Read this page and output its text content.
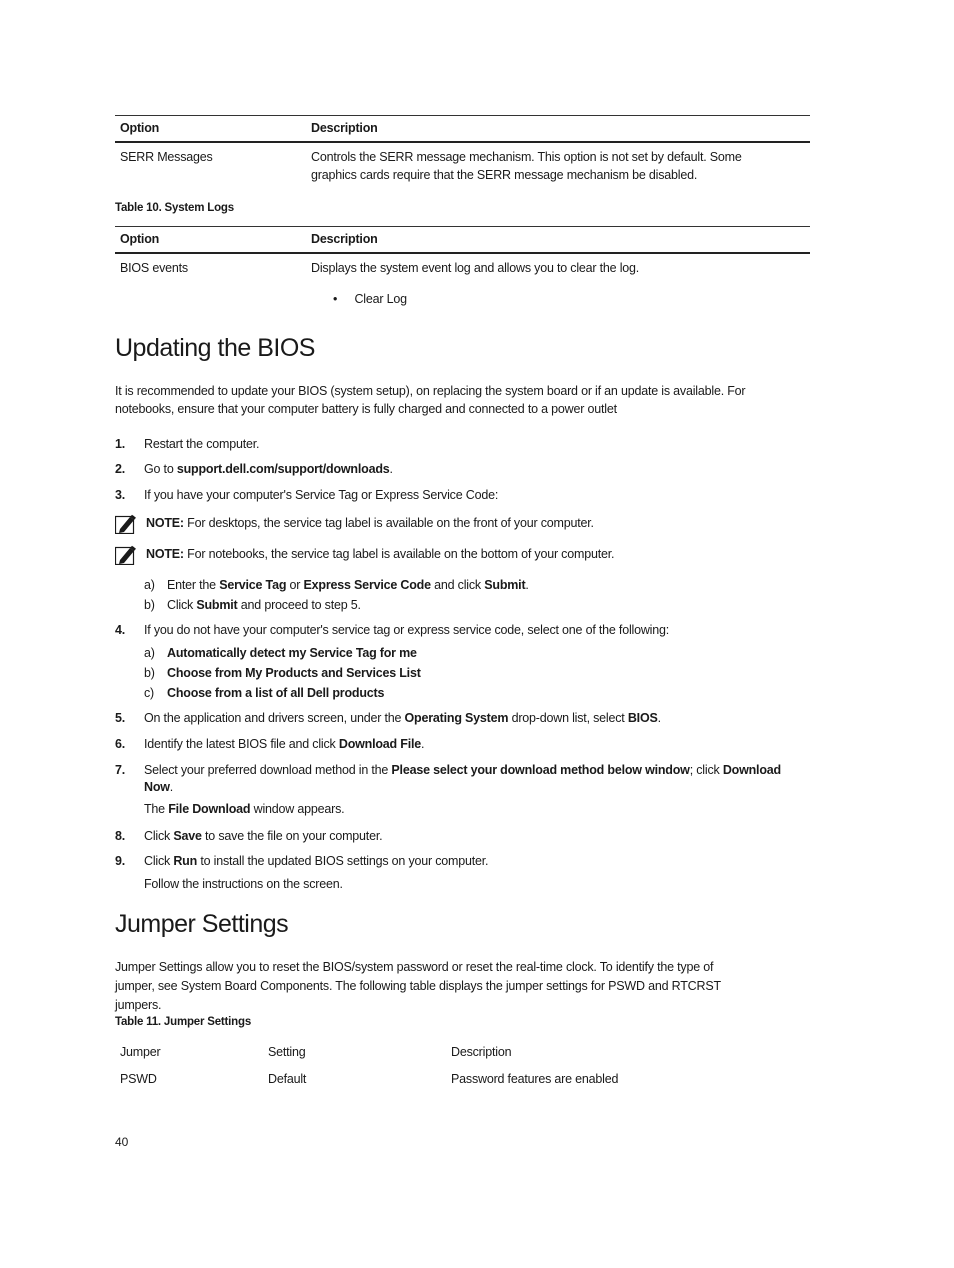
Option	Description
SERR Messages	Controls the SERR message mechanism. This option is not set by default. Some
graphics cards require that the SERR message mechanism be disabled.
Table 10. System Logs
Option	Description
BIOS events	Displays the system event log and allows you to clear the log.
• Clear Log
Updating the BIOS
It is recommended to update your BIOS (system setup), on replacing the system board or if an update is available. For
notebooks, ensure that your computer battery is fully charged and connected to a power outlet
1.	Restart the computer.
2.	Go to support.dell.com/support/downloads.
3.	If you have your computer's Service Tag or Express Service Code:
NOTE: For desktops, the service tag label is available on the front of your computer.
NOTE: For notebooks, the service tag label is available on the bottom of your computer.
a) Enter the Service Tag or Express Service Code and click Submit.
b) Click Submit and proceed to step 5.
4.	If you do not have your computer's service tag or express service code, select one of the following:
a) Automatically detect my Service Tag for me
b) Choose from My Products and Services List
c)	Choose from a list of all Dell products
5.	On the application and drivers screen, under the Operating System drop-down list, select BIOS.
6.	Identify the latest BIOS file and click Download File.
7.	Select your preferred download method in the Please select your download method below window; click Download
Now.
The File Download window appears.
8.	Click Save to save the file on your computer.
9.	Click Run to install the updated BIOS settings on your computer.
Follow the instructions on the screen.
Jumper Settings
Jumper Settings allow you to reset the BIOS/system password or reset the real-time clock. To identify the type of
jumper, see System Board Components. The following table displays the jumper settings for PSWD and RTCRST
jumpers.
Table 11. Jumper Settings
Jumper	Setting	Description
PSWD	Default	Password features are enabled
40
